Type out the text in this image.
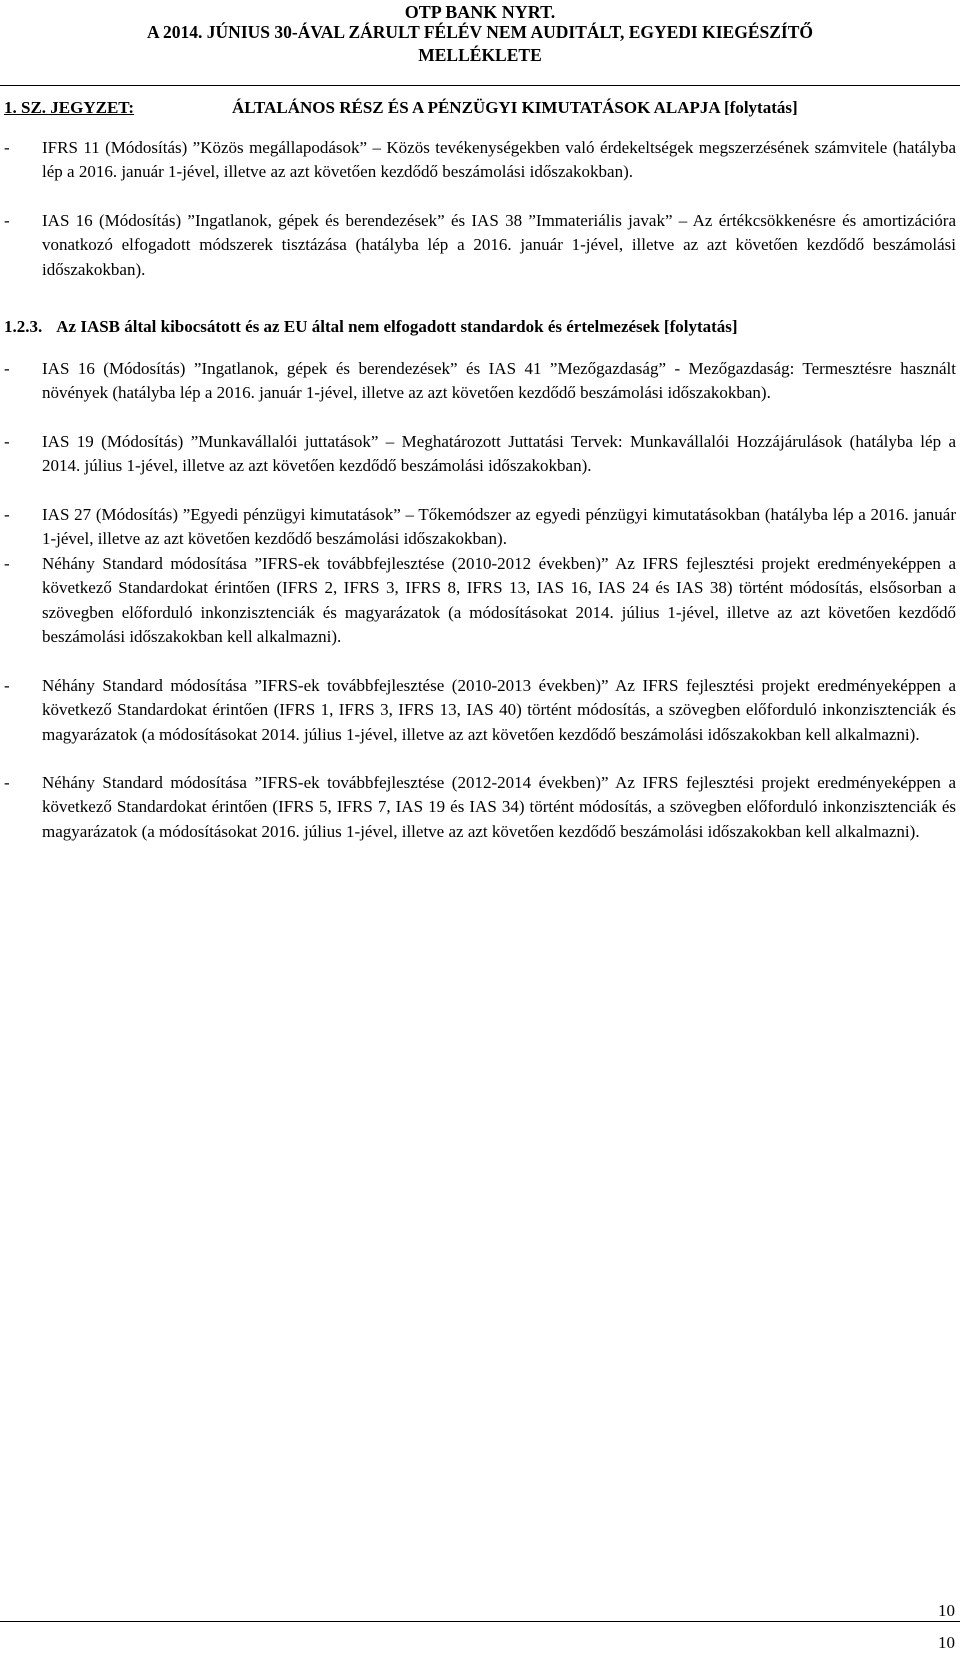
OTP BANK NYRT.
A 2014. JÚNIUS 30-ÁVAL ZÁRULT FÉLÉV NEM AUDITÁLT, EGYEDI KIEGÉSZÍTŐ
MELLÉKLETE
1. SZ. JEGYZET:	ÁLTALÁNOS RÉSZ ÉS A PÉNZÜGYI KIMUTATÁSOK ALAPJA [folytatás]
- IFRS 11 (Módosítás) ”Közös megállapodások” – Közös tevékenységekben való érdekeltségek megszerzésének számvitele (hatályba lép a 2016. január 1-jével, illetve az azt követően kezdődő beszámolási időszakokban).
- IAS 16 (Módosítás) ”Ingatlanok, gépek és berendezések” és IAS 38 ”Immateriális javak” – Az értékcsökkenésre és amortizációra vonatkozó elfogadott módszerek tisztázása (hatályba lép a 2016. január 1-jével, illetve az azt követően kezdődő beszámolási időszakokban).
1.2.3. Az IASB által kibocsátott és az EU által nem elfogadott standardok és értelmezések [folytatás]
- IAS 16 (Módosítás) ”Ingatlanok, gépek és berendezések” és IAS 41 ”Mezőgazdaság” - Mezőgazdaság: Termesztésre használt növények (hatályba lép a 2016. január 1-jével, illetve az azt követően kezdődő beszámolási időszakokban).
- IAS 19 (Módosítás) ”Munkavállalói juttatások” – Meghatározott Juttatási Tervek: Munkavállalói Hozzájárulások (hatályba lép a 2014. július 1-jével, illetve az azt követően kezdődő beszámolási időszakokban).
- IAS 27 (Módosítás) ”Egyedi pénzügyi kimutatások” – Tőkemódszer az egyedi pénzügyi kimutatásokban (hatályba lép a 2016. január 1-jével, illetve az azt követően kezdődő beszámolási időszakokban).
- Néhány Standard módosítása ”IFRS-ek továbbfejlesztése (2010-2012 években)” Az IFRS fejlesztési projekt eredményeképpen a következő Standardokat érintően (IFRS 2, IFRS 3, IFRS 8, IFRS 13, IAS 16, IAS 24 és IAS 38) történt módosítás, elsősorban a szövegben előforduló inkonzisztenciák és magyarázatok (a módosításokat 2014. július 1-jével, illetve az azt követően kezdődő beszámolási időszakokban kell alkalmazni).
- Néhány Standard módosítása ”IFRS-ek továbbfejlesztése (2010-2013 években)” Az IFRS fejlesztési projekt eredményeképpen a következő Standardokat érintően (IFRS 1, IFRS 3, IFRS 13, IAS 40) történt módosítás, a szövegben előforduló inkonzisztenciák és magyarázatok (a módosításokat 2014. július 1-jével, illetve az azt követően kezdődő beszámolási időszakokban kell alkalmazni).
- Néhány Standard módosítása ”IFRS-ek továbbfejlesztése (2012-2014 években)” Az IFRS fejlesztési projekt eredményeképpen a következő Standardokat érintően (IFRS 5, IFRS 7, IAS 19 és IAS 34) történt módosítás, a szövegben előforduló inkonzisztenciák és magyarázatok (a módosításokat 2016. július 1-jével, illetve az azt követően kezdődő beszámolási időszakokban kell alkalmazni).
10
10
